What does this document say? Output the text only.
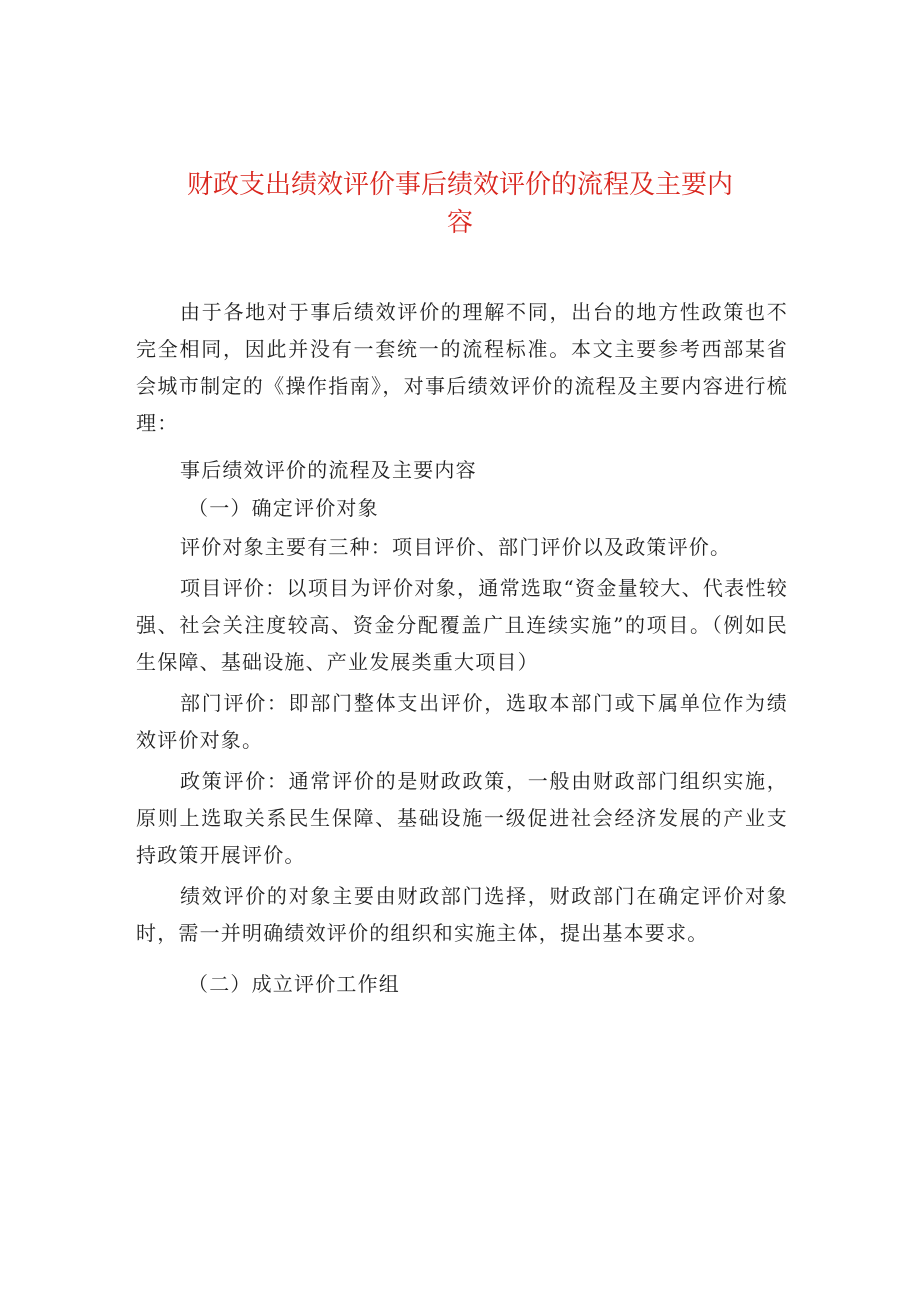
财政支出绩效评价事后绩效评价的流程及主要内
容

由于各地对于事后绩效评价的理解不同，出台的地方性政策也不完全相同，因此并没有一套统一的流程标准。本文主要参考西部某省会城市制定的《操作指南》，对事后绩效评价的流程及主要内容进行梳理：

事后绩效评价的流程及主要内容
（一）确定评价对象

评价对象主要有三种：项目评价、部门评价以及政策评价。

项目评价：以项目为评价对象，通常选取“资金量较大、代表性较强、社会关注度较高、资金分配覆盖广且连续实施”的项目。（例如民生保障、基础设施、产业发展类重大项目）

部门评价：即部门整体支出评价，选取本部门或下属单位作为绩效评价对象。

政策评价：通常评价的是财政政策，一般由财政部门组织实施，原则上选取关系民生保障、基础设施一级促进社会经济发展的产业支持政策开展评价。

绩效评价的对象主要由财政部门选择，财政部门在确定评价对象时，需一并明确绩效评价的组织和实施主体，提出基本要求。

（二）成立评价工作组
